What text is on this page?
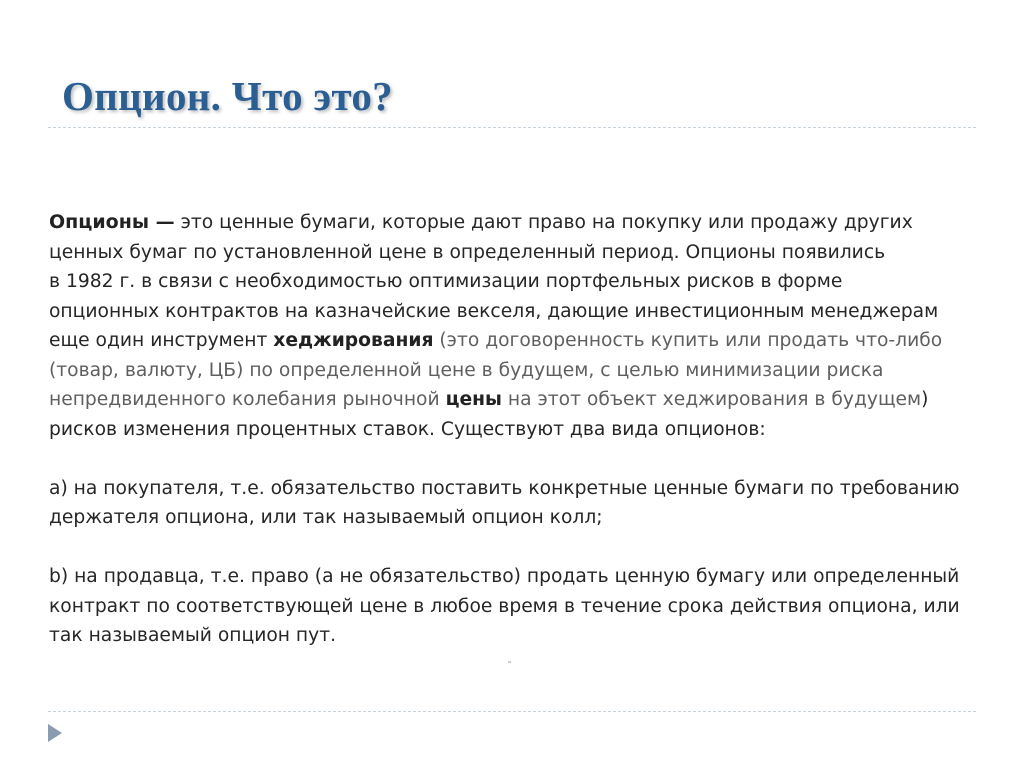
Опцион. Что это?

Опционы — это ценные бумаги, которые дают право на покупку или продажу других

ценных бумаг по установленной цене в определенный период. Опционы появились

в 1982 г. в связи с необходимостью оптимизации портфельных рисков в форме

опционных контрактов на казначейские векселя, дающие инвестиционным менеджерам

еще один инструмент хеджирования (это договоренность купить или продать что-либо

(товар, валюту, ЦБ) по определенной цене в будущем, с целью минимизации риска

непредвиденного колебания рыночной цены на этот объект хеджирования в будущем)

рисков изменения процентных ставок. Существуют два вида опционов:

а) на покупателя, т.е. обязательство поставить конкретные ценные бумаги по требованию

держателя опциона, или так называемый опцион колл;

b) на продавца, т.е. право (а не обязательство) продать ценную бумагу или определенный

контракт по соответствующей цене в любое время в течение срока действия опциона, или

так называемый опцион пут.

˜
